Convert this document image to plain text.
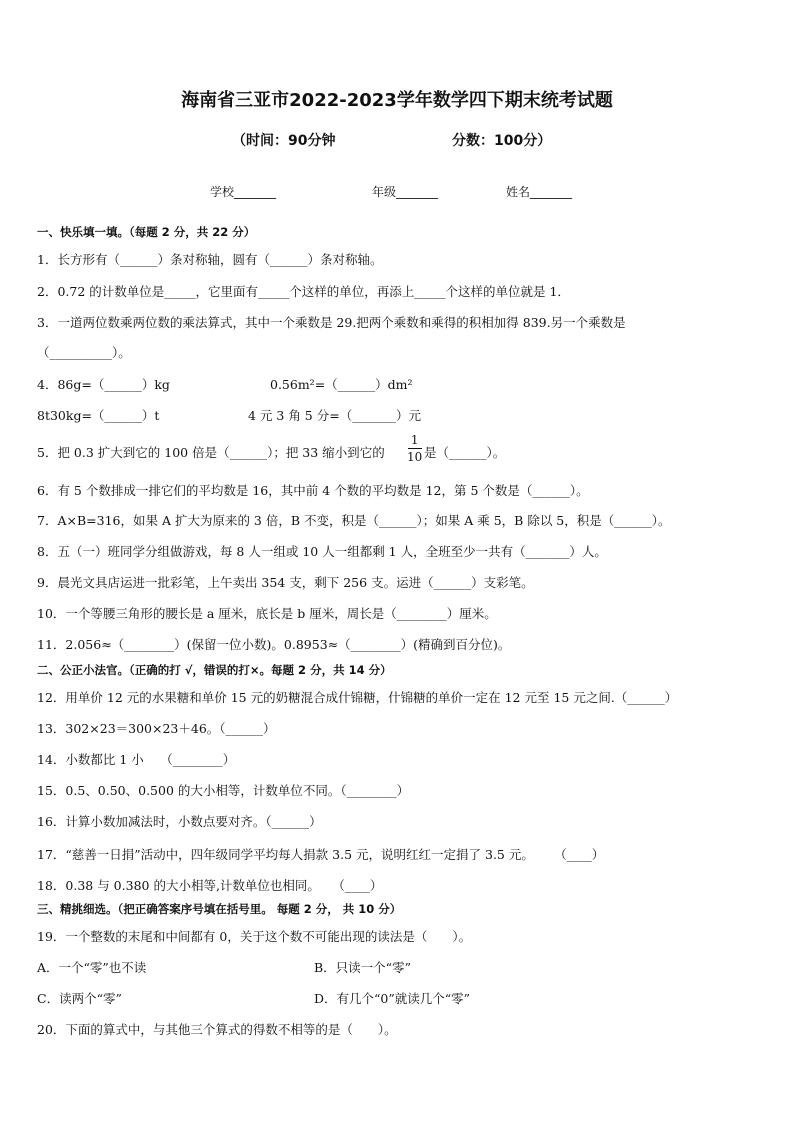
海南省三亚市2022-2023学年数学四下期末统考试题
（时间：90分钟	分数：100分）
学校_______	年级_______	姓名_______
一、快乐填一填。（每题 2 分，共 22 分）
1．长方形有（______）条对称轴，圆有（______）条对称轴。
2．0.72 的计数单位是_____，它里面有_____个这样的单位，再添上_____个这样的单位就是 1．
3．一道两位数乘两位数的乘法算式，其中一个乘数是 29.把两个乘数和乘得的积相加得 839.另一个乘数是
（__________）。
4．86g=（______）kg	0.56m²=（______）dm²
8t30kg=（______）t	4 元 3 角 5 分=（_______）元
5．把 0.3 扩大到它的 100 倍是（______）；把 33 缩小到它的
1
10 是（______）。
6．有 5 个数排成一排它们的平均数是 16，其中前 4 个数的平均数是 12，第 5 个数是（______）。
7．A×B=316，如果 A 扩大为原来的 3 倍，B 不变，积是（______）；如果 A 乘 5，B 除以 5，积是（______）。
8．五（一）班同学分组做游戏，每 8 人一组或 10 人一组都剩 1 人，全班至少一共有（_______）人。
9．晨光文具店运进一批彩笔，上午卖出 354 支，剩下 256 支。运进（______）支彩笔。
10．一个等腰三角形的腰长是 a 厘米，底长是 b 厘米，周长是（________）厘米。
11．2.056≈（________）(保留一位小数)。0.8953≈（________）(精确到百分位)。
二、公正小法官。（正确的打 √，错误的打×。每题 2 分，共 14 分）
12．用单价 12 元的水果糖和单价 15 元的奶糖混合成什锦糖，什锦糖的单价一定在 12 元至 15 元之间.（______）
13．302×23＝300×23＋46。（______）
14．小数都比 1 小　 （________）
15．0.5、0.50、0.500 的大小相等，计数单位不同。（________）
16．计算小数加减法时，小数点要对齐。（______）
17．“慈善一日捐”活动中，四年级同学平均每人捐款 3.5 元，说明红红一定捐了 3.5 元。 　 （____）
18．0.38 与 0.380 的大小相等,计数单位也相同。　　（____）
三、精挑细选。（把正确答案序号填在括号里。 每题 2 分， 共 10 分）
19．一个整数的末尾和中间都有 0，关于这个数不可能出现的读法是（　　）。
A．一个“零”也不读	B．只读一个“零”
C．读两个“零”	D．有几个“0”就读几个“零”
20．下面的算式中，与其他三个算式的得数不相等的是（　　）。
